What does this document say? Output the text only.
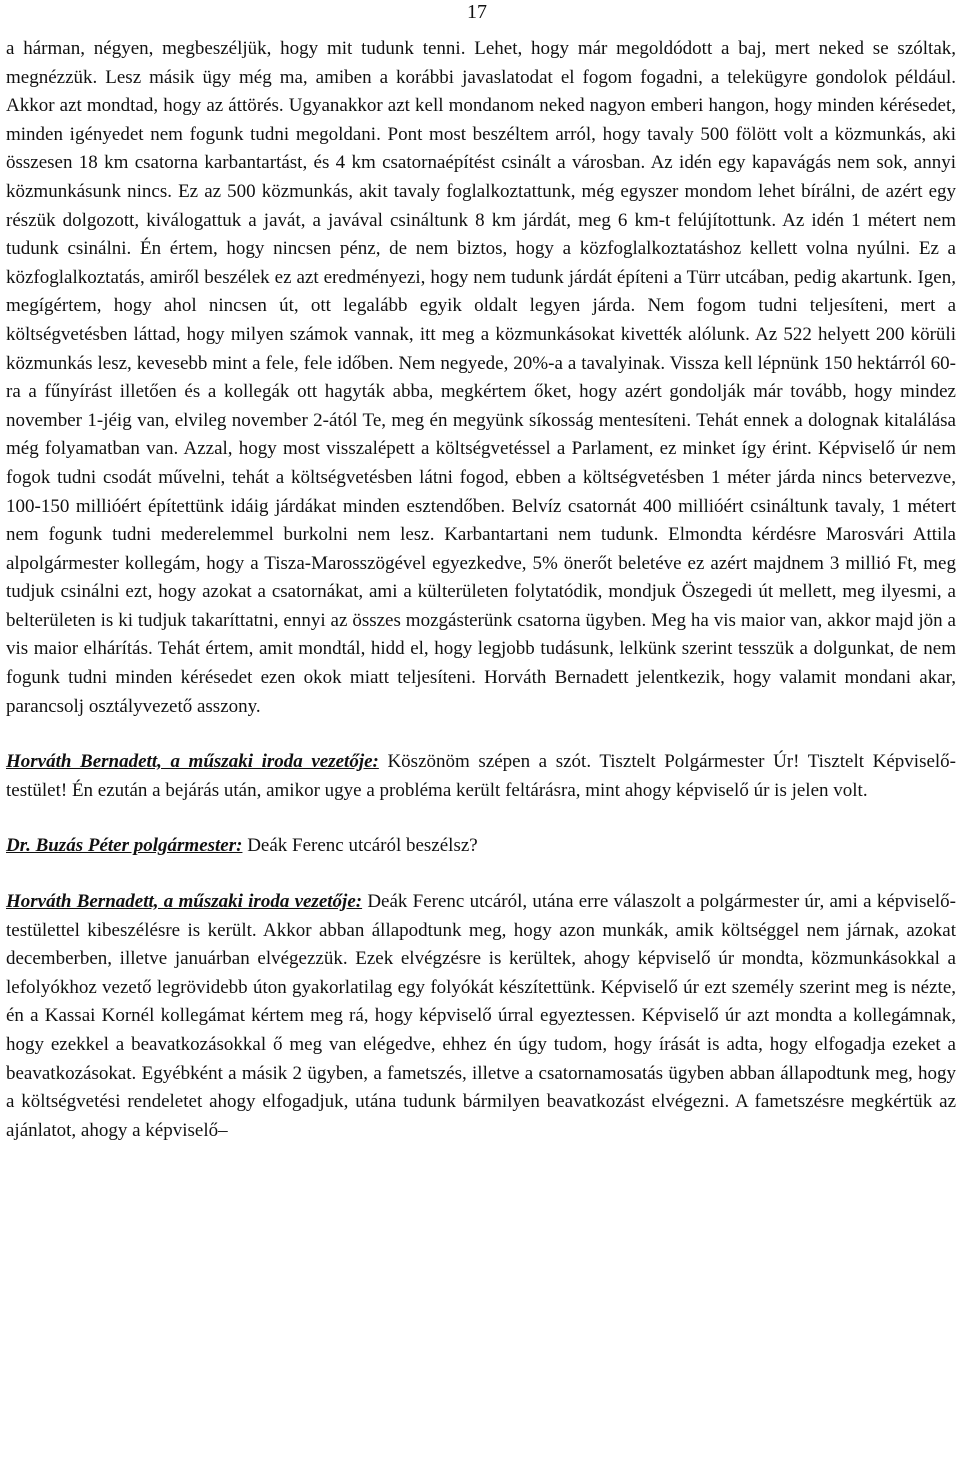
17

a hárman, négyen, megbeszéljük, hogy mit tudunk tenni. Lehet, hogy már megoldódott a baj, mert neked se szóltak, megnézzük. Lesz másik ügy még ma, amiben a korábbi javaslatodat el fogom fogadni, a telekügyre gondolok például. Akkor azt mondtad, hogy az áttörés. Ugyanakkor azt kell mondanom neked nagyon emberi hangon, hogy minden kérésedet, minden igényedet nem fogunk tudni megoldani. Pont most beszéltem arról, hogy tavaly 500 fölött volt a közmunkás, aki összesen 18 km csatorna karbantartást, és 4 km csatornaépítést csinált a városban. Az idén egy kapavágás nem sok, annyi közmunkásunk nincs. Ez az 500 közmunkás, akit tavaly foglalkoztattunk, még egyszer mondom lehet bírálni, de azért egy részük dolgozott, kiválogattuk a javát, a javával csináltunk 8 km járdát, meg 6 km-t felújítottunk. Az idén 1 métert nem tudunk csinálni. Én értem, hogy nincsen pénz, de nem biztos, hogy a közfoglalkoztatáshoz kellett volna nyúlni. Ez a közfoglalkoztatás, amiről beszélek ez azt eredményezi, hogy nem tudunk járdát építeni a Türr utcában, pedig akartunk. Igen, megígértem, hogy ahol nincsen út, ott legalább egyik oldalt legyen járda. Nem fogom tudni teljesíteni, mert a költségvetésben láttad, hogy milyen számok vannak, itt meg a közmunkásokat kivették alólunk. Az 522 helyett 200 körüli közmunkás lesz, kevesebb mint a fele, fele időben. Nem negyede, 20%-a a tavalyinak. Vissza kell lépnünk 150 hektárról 60-ra a fűnyírást illetően és a kollegák ott hagyták abba, megkértem őket, hogy azért gondolják már tovább, hogy mindez november 1-jéig van, elvileg november 2-ától Te, meg én megyünk síkosság mentesíteni. Tehát ennek a dolognak kitalálása még folyamatban van. Azzal, hogy most visszalépett a költségvetéssel a Parlament, ez minket így érint. Képviselő úr nem fogok tudni csodát művelni, tehát a költségvetésben látni fogod, ebben a költségvetésben 1 méter járda nincs betervezve, 100-150 millióért építettünk idáig járdákat minden esztendőben. Belvíz csatornát 400 millióért csináltunk tavaly, 1 métert nem fogunk tudni mederelemmel burkolni nem lesz. Karbantartani nem tudunk. Elmondta kérdésre Marosvári Attila alpolgármester kollegám, hogy a Tisza-Marosszögével egyezkedve, 5% önerőt beletéve ez azért majdnem 3 millió Ft, meg tudjuk csinálni ezt, hogy azokat a csatornákat, ami a külterületen folytatódik, mondjuk Öszegedi út mellett, meg ilyesmi, a belterületen is ki tudjuk takaríttatni, ennyi az összes mozgásterünk csatorna ügyben. Meg ha vis maior van, akkor majd jön a vis maior elhárítás. Tehát értem, amit mondtál, hidd el, hogy legjobb tudásunk, lelkünk szerint tesszük a dolgunkat, de nem fogunk tudni minden kérésedet ezen okok miatt teljesíteni. Horváth Bernadett jelentkezik, hogy valamit mondani akar, parancsolj osztályvezető asszony.

Horváth Bernadett, a műszaki iroda vezetője: Köszönöm szépen a szót. Tisztelt Polgármester Úr! Tisztelt Képviselő-testület! Én ezután a bejárás után, amikor ugye a probléma került feltárásra, mint ahogy képviselő úr is jelen volt.

Dr. Buzás Péter polgármester: Deák Ferenc utcáról beszélsz?

Horváth Bernadett, a műszaki iroda vezetője: Deák Ferenc utcáról, utána erre válaszolt a polgármester úr, ami a képviselő-testülettel kibeszélésre is került. Akkor abban állapodtunk meg, hogy azon munkák, amik költséggel nem járnak, azokat decemberben, illetve januárban elvégezzük. Ezek elvégzésre is kerültek, ahogy képviselő úr mondta, közmunkásokkal a lefolyókhoz vezető legrövidebb úton gyakorlatilag egy folyókát készítettünk. Képviselő úr ezt személy szerint meg is nézte, én a Kassai Kornél kollegámat kértem meg rá, hogy képviselő úrral egyeztessen. Képviselő úr azt mondta a kollegámnak, hogy ezekkel a beavatkozásokkal ő meg van elégedve, ehhez én úgy tudom, hogy írását is adta, hogy elfogadja ezeket a beavatkozásokat. Egyébként a másik 2 ügyben, a fametszés, illetve a csatornamosatás ügyben abban állapodtunk meg, hogy a költségvetési rendeletet ahogy elfogadjuk, utána tudunk bármilyen beavatkozást elvégezni. A fametszésre megkértük az ajánlatot, ahogy a képviselő–
